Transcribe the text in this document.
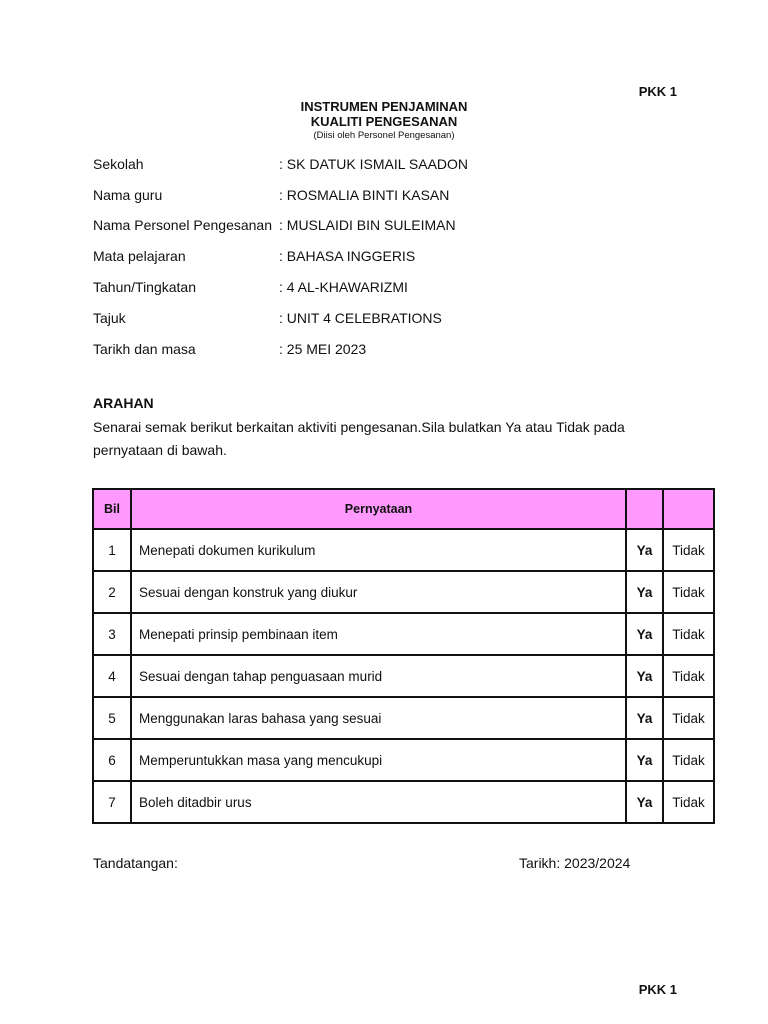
PKK 1
INSTRUMEN PENJAMINAN
KUALITI PENGESANAN
(Diisi oleh Personel Pengesanan)
Sekolah	: SK DATUK ISMAIL SAADON
Nama guru	: ROSMALIA BINTI KASAN
Nama Personel Pengesanan : MUSLAIDI BIN SULEIMAN
Mata pelajaran	: BAHASA INGGERIS
Tahun/Tingkatan	: 4 AL-KHAWARIZMI
Tajuk	: UNIT 4 CELEBRATIONS
Tarikh dan masa	: 25 MEI 2023
ARAHAN
Senarai semak berikut berkaitan aktiviti pengesanan.Sila bulatkan Ya atau Tidak pada pernyataan di bawah.
Bil	Pernyataan		
1	Menepati dokumen kurikulum	Ya	Tidak
2	Sesuai dengan konstruk yang diukur	Ya	Tidak
3	Menepati prinsip pembinaan item	Ya	Tidak
4	Sesuai dengan tahap penguasaan murid	Ya	Tidak
5	Menggunakan laras bahasa yang sesuai	Ya	Tidak
6	Memperuntukkan masa yang mencukupi	Ya	Tidak
7	Boleh ditadbir urus	Ya	Tidak
Tandatangan:	Tarikh: 2023/2024
PKK 1
